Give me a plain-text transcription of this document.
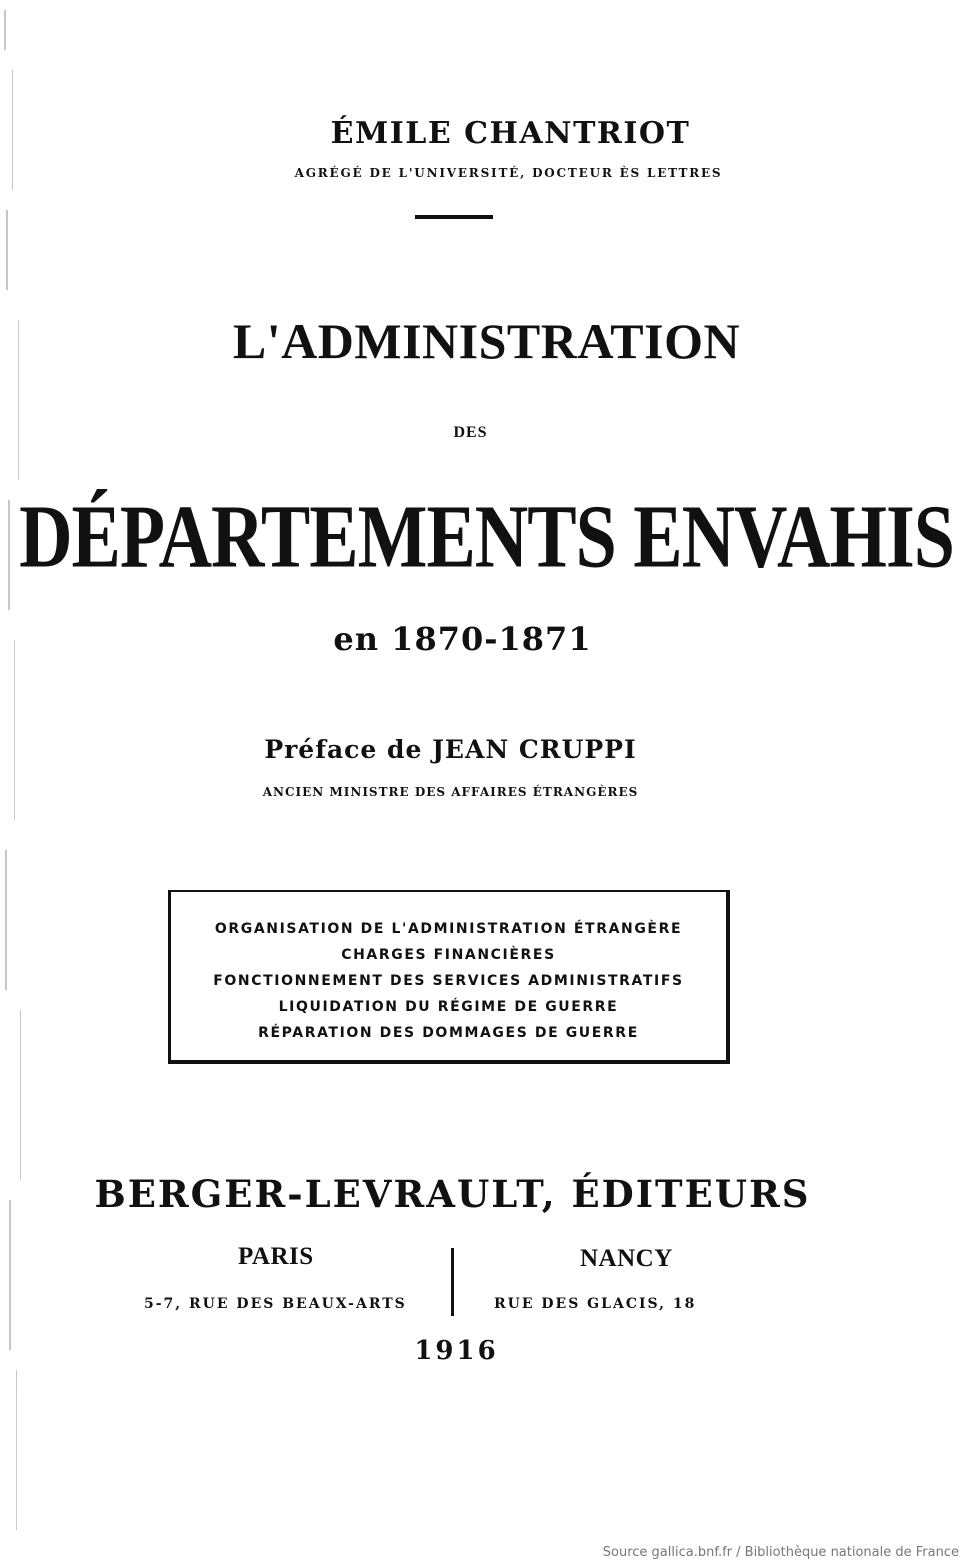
ÉMILE CHANTRIOT
AGRÉGÉ DE L'UNIVERSITÉ, DOCTEUR ÈS LETTRES
L'ADMINISTRATION
DES
DÉPARTEMENTS ENVAHIS
en 1870-1871
Préface de JEAN CRUPPI
ANCIEN MINISTRE DES AFFAIRES ÉTRANGÈRES
ORGANISATION DE L'ADMINISTRATION ÉTRANGÈRE
CHARGES FINANCIÈRES
FONCTIONNEMENT DES SERVICES ADMINISTRATIFS
LIQUIDATION DU RÉGIME DE GUERRE
RÉPARATION DES DOMMAGES DE GUERRE
BERGER-LEVRAULT, ÉDITEURS
PARIS	NANCY
5-7, RUE DES BEAUX-ARTS	RUE DES GLACIS, 18
1916
Source gallica.bnf.fr / Bibliothèque nationale de France
